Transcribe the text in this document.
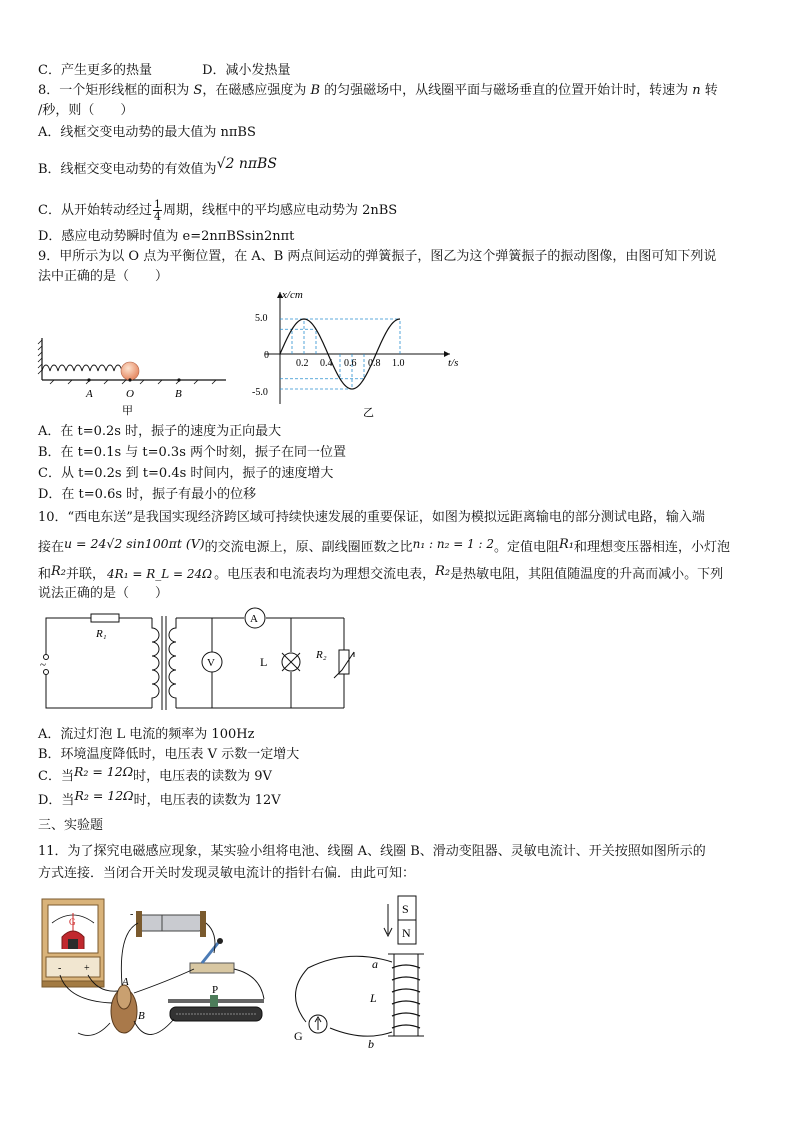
C．产生更多的热量	D．减小发热量
8．一个矩形线框的面积为 S，在磁感应强度为 B 的匀强磁场中，从线圈平面与磁场垂直的位置开始计时，转速为 n 转
/秒，则（　　）
A．线框交变电动势的最大值为 nπBS
B．线框交变电动势的有效值为√2 nπBS
C．从开始转动经过 $\frac{1}{4}$ 周期，线框中的平均感应电动势为 2nBS
D．感应电动势瞬时值为 e=2nπBSsin2nπt
9．甲所示为以 O 点为平衡位置，在 A、B 两点间运动的弹簧振子，图乙为这个弹簧振子的振动图像，由图可知下列说
法中正确的是（　　）
A	O	B
甲
x/cm
t/s
5.0
0
-5.0
0.2 0.4 0.6 0.8 1.0
乙
A．在 t=0.2s 时，振子的速度为正向最大
B．在 t=0.1s 与 t=0.3s 两个时刻，振子在同一位置
C．从 t=0.2s 到 t=0.4s 时间内，振子的速度增大
D．在 t=0.6s 时，振子有最小的位移
10．“西电东送”是我国实现经济跨区域可持续快速发展的重要保证，如图为模拟远距离输电的部分测试电路，输入端
接在u = 24√2 sin100πt (V)的交流电源上，原、副线圈匝数之比n₁ : n₂ = 1 : 2。定值电阻R₁和理想变压器相连，小灯泡
和R₂并联， 4R₁ = R_L = 24Ω 。电压表和电流表均为理想交流电表，R₂是热敏电阻，其阻值随温度的升高而减小。下列
说法正确的是（　　）
R₁
~
A
V	L	R₂
A．流过灯泡 L 电流的频率为 100Hz
B．环境温度降低时，电压表 V 示数一定增大
C．当R₂ = 12Ω时，电压表的读数为 9V
D．当R₂ = 12Ω时，电压表的读数为 12V
三、实验题
11．为了探究电磁感应现象，某实验小组将电池、线圈 A、线圈 B、滑动变阻器、灵敏电流计、开关按照如图所示的
方式连接．当闭合开关时发现灵敏电流计的指针右偏．由此可知：
G
- +
-
P
A
B
S
N
a
L
b
G
